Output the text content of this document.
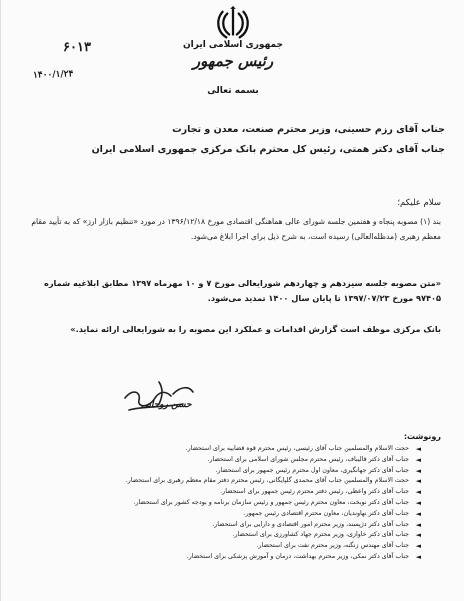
جمهوری اسلامی ایران
رئیس جمهور
بسمه تعالی
۶۰۱۳
۱۴۰۰/۱/۲۴
جناب آقای رزم حسینی، وزیر محترم صنعت، معدن و تجارت
جناب آقای دکتر همتی، رئیس کل محترم بانک مرکزی جمهوری اسلامی ایران
سلام علیکم؛
بند (۱) مصوبه پنجاه و هفتمین جلسه شورای عالی هماهنگی اقتصادی مورخ ۱۳۹۶/۱۲/۱۸ در مورد «تنظیم بازار ارز» که به تأیید مقام معظم رهبری (مدظله‌العالی) رسیده است، به شرح ذیل برای اجرا ابلاغ می‌شود.
«متن مصوبه جلسه سیزدهم و چهاردهم شورا‌یعالی مورخ ۷ و ۱۰ مهرماه ۱۳۹۷ مطابق ابلاغیه شماره ۹۷۴۰۵ مورخ ۱۳۹۷/۰۷/۲۳ تا پایان سال ۱۴۰۰ تمدید می‌شود.
بانک مرکزی موظف است گزارش اقدامات و عملکرد این مصوبه را به شورا‌یعالی ارائه نماید.»
حسن روحانی
رونوشت:
◄
حجت الاسلام والمسلمین جناب آقای رئیسی، رئیس محترم قوه قضاییه برای استحضار.
◄
جناب آقای دکتر قالیباف، رئیس محترم مجلس شورای اسلامی برای استحضار.
◄
جناب آقای دکتر جهانگیری، معاون اول محترم رئیس جمهور برای استحضار.
◄
حجت الاسلام والمسلمین جناب آقای محمدی گلپایگانی، رئیس محترم دفتر مقام معظم رهبری برای استحضار.
◄
جناب آقای دکتر واعظی، رئیس دفتر محترم رئیس جمهور برای استحضار.
◄
جناب آقای دکتر نوبخت، معاون محترم رئیس جمهور و رئیس سازمان برنامه و بودجه کشور برای استحضار.
◄
جناب آقای دکتر نهاوندیان، معاون محترم اقتصادی رئیس جمهور.
◄
جناب آقای دکتر دژپسند، وزیر محترم امور اقتصادی و دارایی برای استحضار.
◄
جناب آقای دکتر خاوازی، وزیر محترم جهاد کشاورزی برای استحضار.
◄
جناب آقای مهندس زنگنه، وزیر محترم نفت برای استحضار.
◄
جناب آقای دکتر نمکی، وزیر محترم بهداشت، درمان و آموزش پزشکی برای استحضار.
